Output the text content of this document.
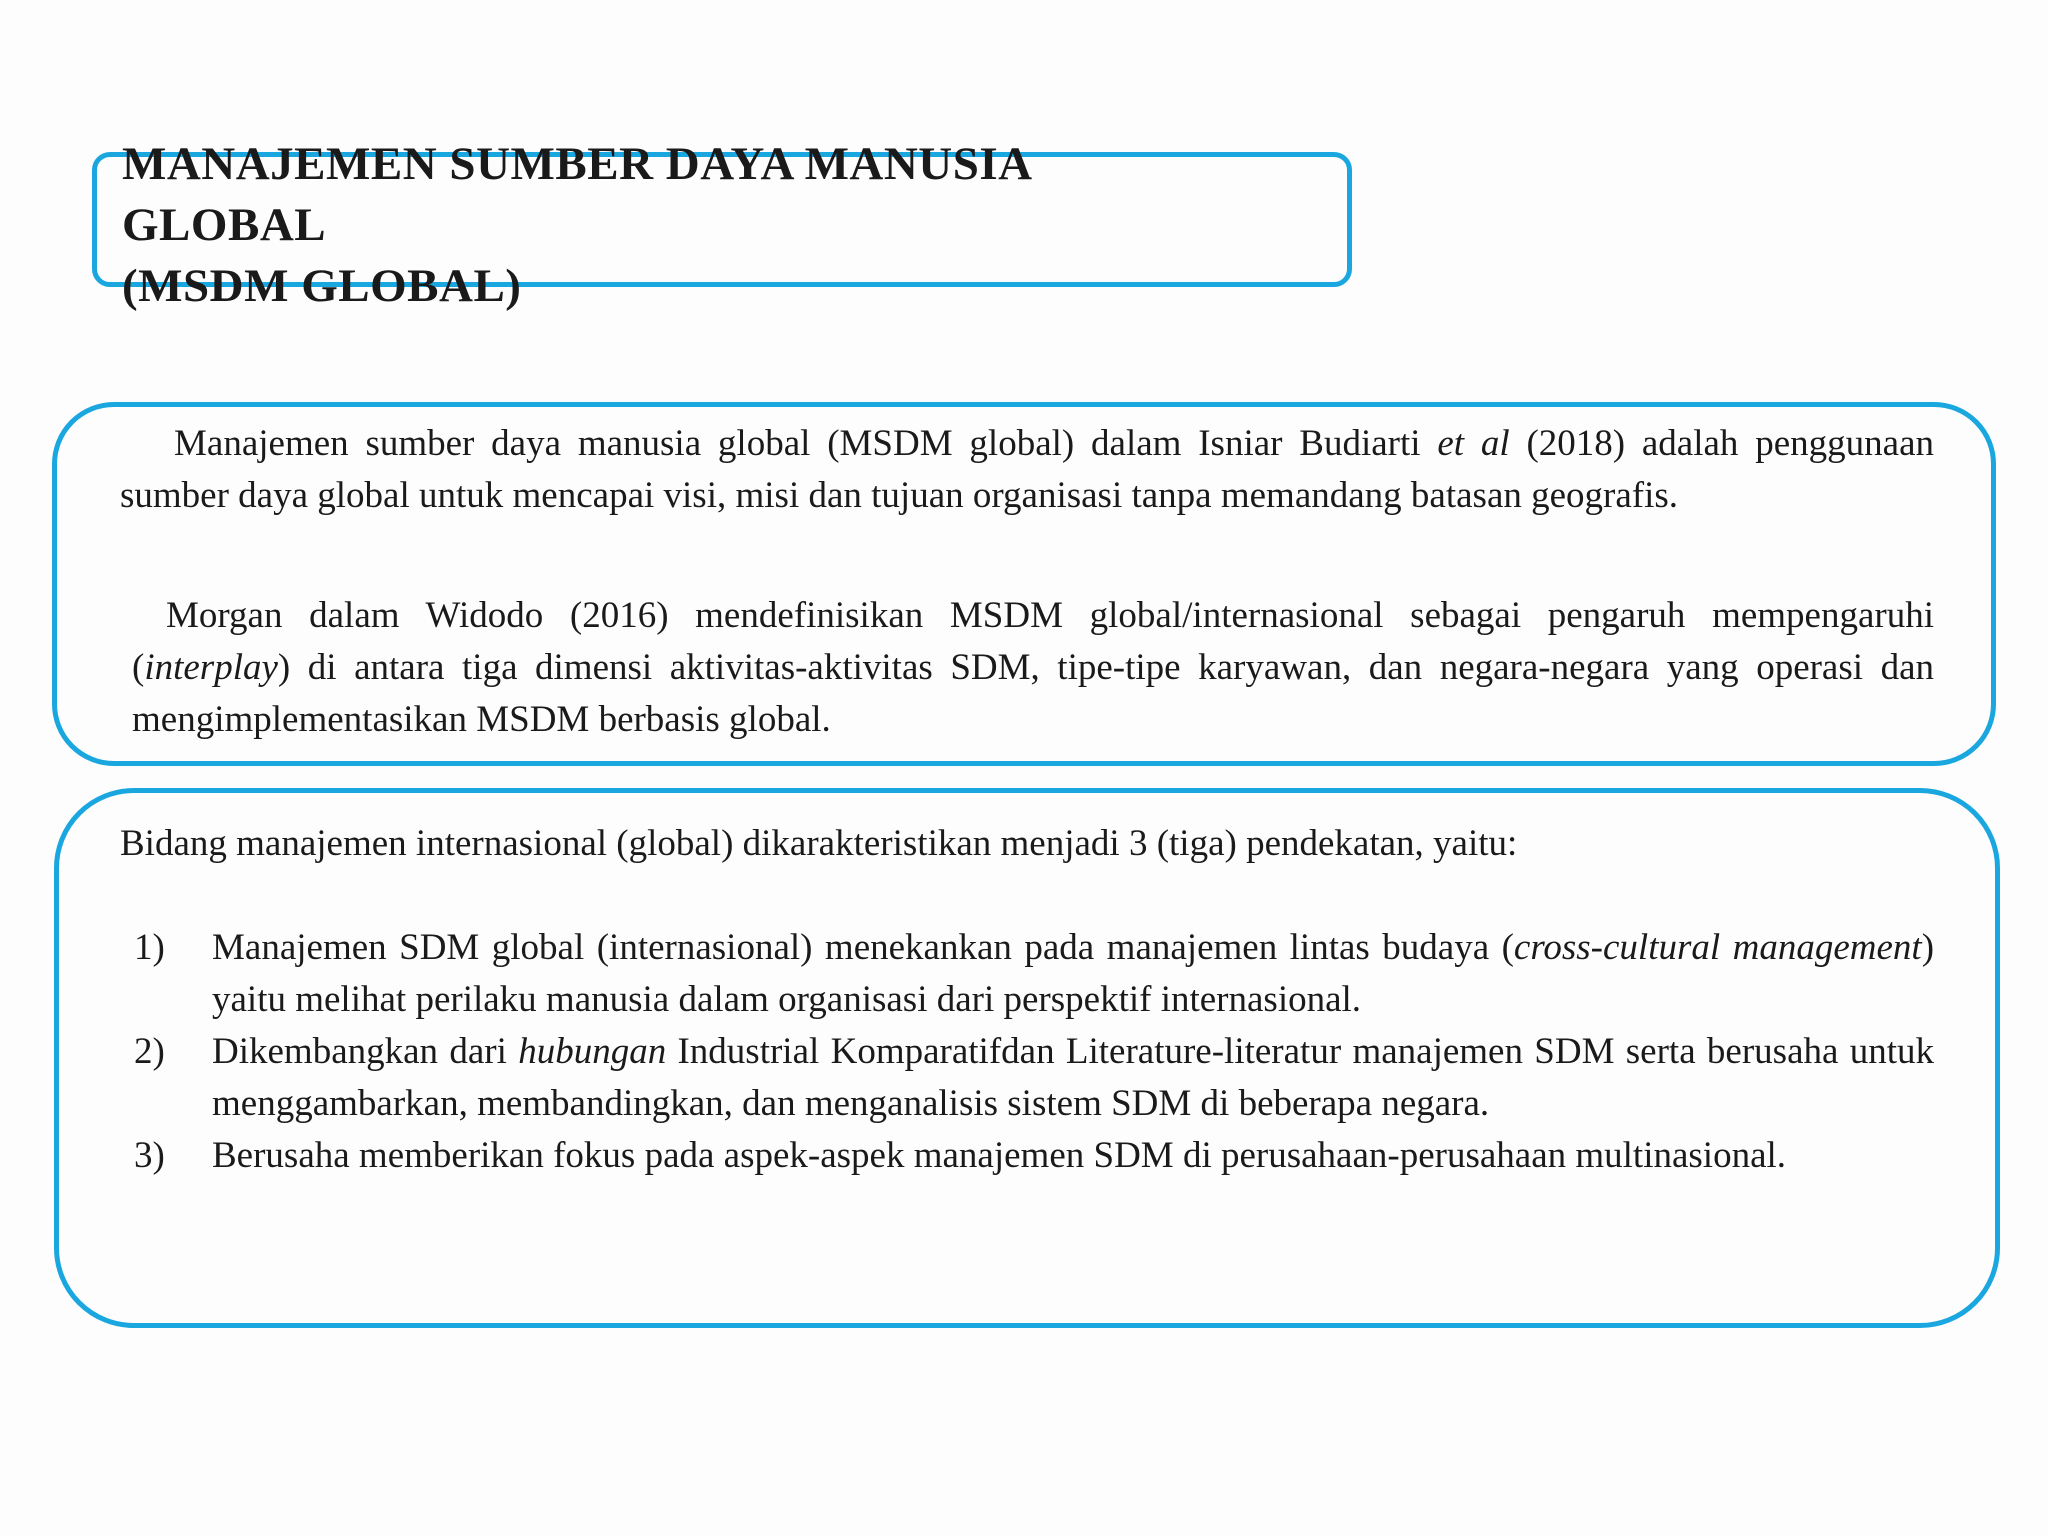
MANAJEMEN SUMBER DAYA MANUSIA
GLOBAL
(MSDM GLOBAL)

Manajemen sumber daya manusia global (MSDM global) dalam Isniar Budiarti et al (2018) adalah penggunaan sumber daya global untuk mencapai visi, misi dan tujuan organisasi tanpa memandang batasan geografis.

Morgan dalam Widodo (2016) mendefinisikan MSDM global/internasional sebagai pengaruh mempengaruhi (interplay) di antara tiga dimensi aktivitas-aktivitas SDM, tipe-tipe karyawan, dan negara-negara yang operasi dan mengimplementasikan MSDM berbasis global.

Bidang manajemen internasional (global) dikarakteristikan menjadi 3 (tiga) pendekatan, yaitu:

1) Manajemen SDM global (internasional) menekankan pada manajemen lintas budaya (cross-cultural management) yaitu melihat perilaku manusia dalam organisasi dari perspektif internasional.
2) Dikembangkan dari hubungan Industrial Komparatifdan Literature-literatur manajemen SDM serta berusaha untuk menggambarkan, membandingkan, dan menganalisis sistem SDM di beberapa negara.
3) Berusaha memberikan fokus pada aspek-aspek manajemen SDM di perusahaan-perusahaan multinasional.
